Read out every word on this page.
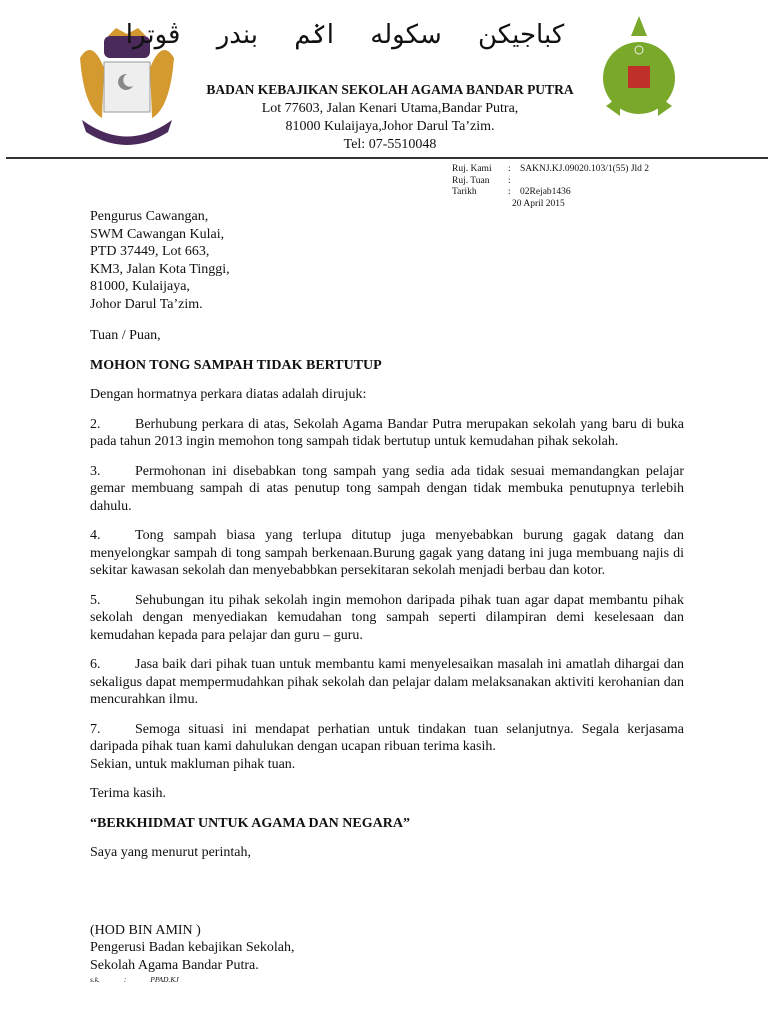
كباجيكن سكوله اݢم بندر ڤوترا
BADAN KEBAJIKAN SEKOLAH AGAMA BANDAR PUTRA
Lot 77603, Jalan Kenari Utama,Bandar Putra,
81000 Kulaijaya,Johor Darul Ta’zim.
Tel: 07-5510048
Ruj. Kami	: SAKNJ.KJ.09020.103/1(55) Jld 2
Ruj. Tuan	:
Tarikh	: 02Rejab1436
20 April 2015

Pengurus Cawangan,

SWM Cawangan Kulai,

PTD 37449, Lot 663,

KM3, Jalan Kota Tinggi,

81000, Kulaijaya,

Johor Darul Ta’zim.

Tuan / Puan,

MOHON TONG SAMPAH TIDAK BERTUTUP

Dengan hormatnya perkara diatas adalah dirujuk:

2. Berhubung perkara di atas, Sekolah Agama Bandar Putra merupakan sekolah yang baru di buka pada tahun 2013 ingin memohon tong sampah tidak bertutup untuk kemudahan pihak sekolah.

3. Permohonan ini disebabkan tong sampah yang sedia ada tidak sesuai memandangkan pelajar gemar membuang sampah di atas penutup tong sampah dengan tidak membuka penutupnya terlebih dahulu.

4. Tong sampah biasa yang terlupa ditutup juga menyebabkan burung gagak datang dan menyelongkar sampah di tong sampah berkenaan.Burung gagak yang datang ini juga membuang najis di sekitar kawasan sekolah dan menyebabbkan persekitaran sekolah menjadi berbau dan kotor.

5. Sehubungan itu pihak sekolah ingin memohon daripada pihak tuan agar dapat membantu pihak sekolah dengan menyediakan kemudahan tong sampah seperti dilampiran demi keselesaan dan kemudahan kepada para pelajar dan guru – guru.

6. Jasa baik dari pihak tuan untuk membantu kami menyelesaikan masalah ini amatlah dihargai dan sekaligus dapat mempermudahkan pihak sekolah dan pelajar dalam melaksanakan aktiviti kerohanian dan mencurahkan ilmu.

7. Semoga situasi ini mendapat perhatian untuk tindakan tuan selanjutnya. Segala kerjasama daripada pihak tuan kami dahulukan dengan ucapan ribuan terima kasih.

Sekian, untuk makluman pihak tuan.

Terima kasih.

“BERKHIDMAT UNTUK AGAMA DAN NEGARA”

Saya yang menurut perintah,

(HOD BIN AMIN )
Pengerusi Badan kebajikan Sekolah,
Sekolah Agama Bandar Putra.
s.k.	:	PPAD.KJ
